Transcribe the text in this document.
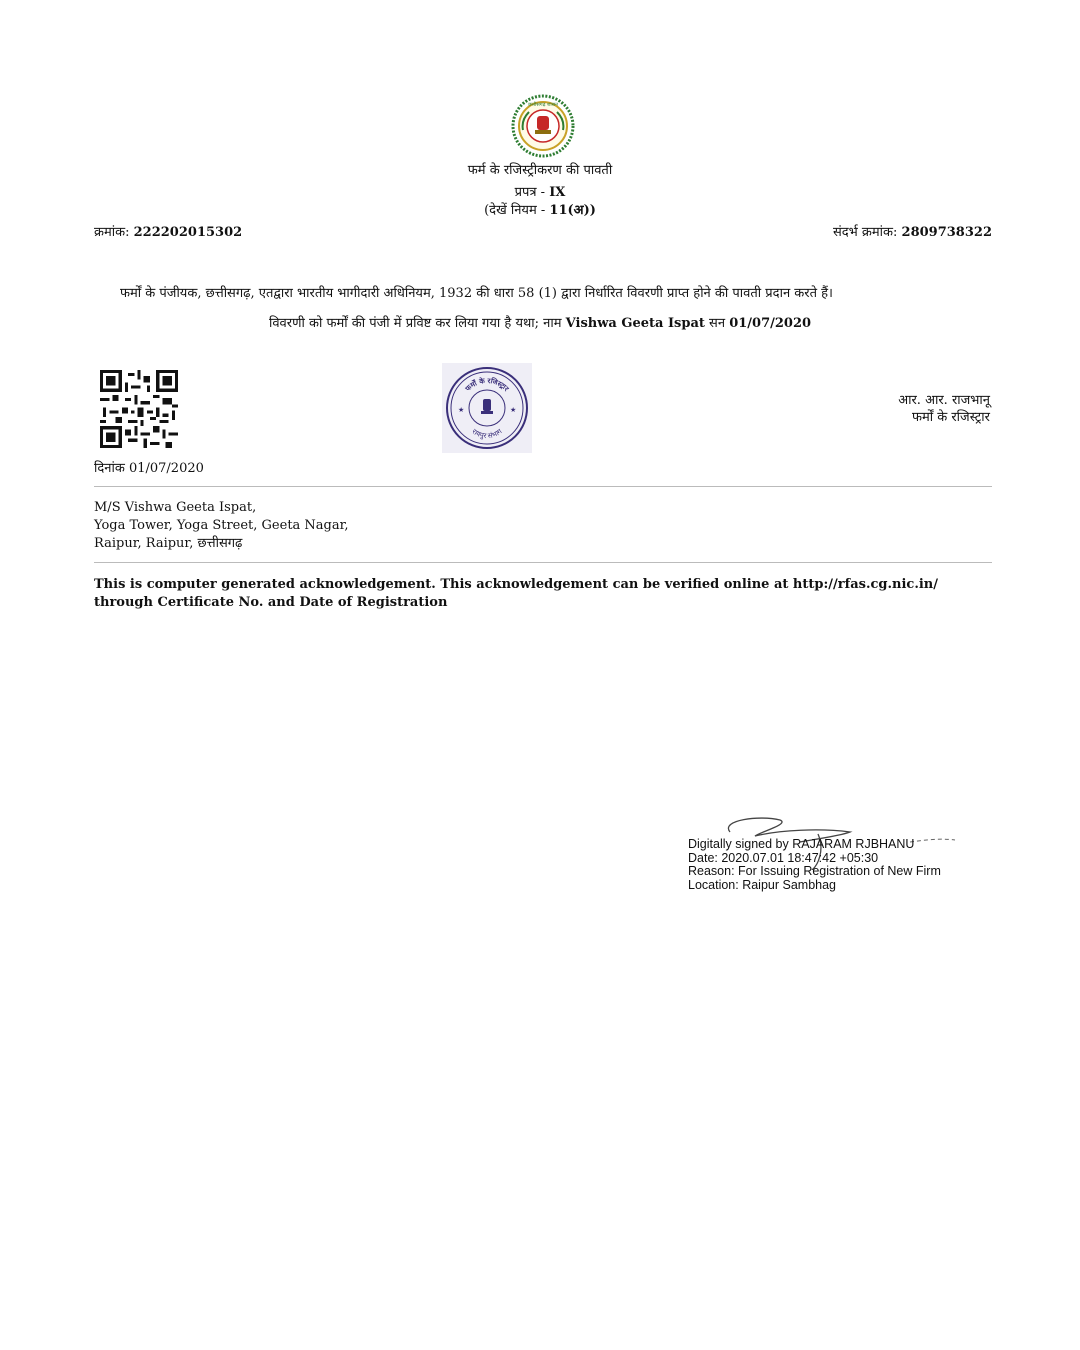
छत्तीसगढ़ शासन
फर्म के रजिस्ट्रीकरण की पावती
प्रपत्र - IX
(देखें नियम - 11(अ))
क्रमांक: 222202015302	संदर्भ क्रमांक: 2809738322
फर्मों के पंजीयक, छत्तीसगढ़, एतद्वारा भारतीय भागीदारी अधिनियम, 1932 की धारा 58 (1) द्वारा निर्धारित विवरणी प्राप्त होने की पावती प्रदान करते हैं।
विवरणी को फर्मों की पंजी में प्रविष्ट कर लिया गया है यथा; नाम Vishwa Geeta Ispat सन 01/07/2020
★	★
फर्मों के रजिस्ट्रार
रायपुर संभाग
आर. आर. राजभानू
फर्मों के रजिस्ट्रार
दिनांक 01/07/2020
M/S Vishwa Geeta Ispat,
Yoga Tower, Yoga Street, Geeta Nagar,
Raipur, Raipur, छत्तीसगढ़
This is computer generated acknowledgement. This acknowledgement can be verified online at http://rfas.cg.nic.in/ through Certificate No. and Date of Registration
Digitally signed by RAJARAM RJBHANU
Date: 2020.07.01 18:47:42 +05:30
Reason: For Issuing Registration of New Firm
Location: Raipur Sambhag
